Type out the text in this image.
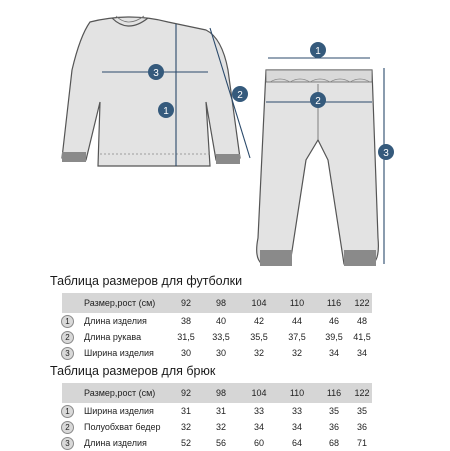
1
2
3
1
2
3
Таблица размеров для футболки
Размер,рост (см)	92	98	104	110	116	122
1	Длина изделия	38	40	42	44	46	48
2	Длина рукава	31,5	33,5	35,5	37,5	39,5	41,5
3	Ширина изделия	30	30	32	32	34	34
Таблица размеров для брюк
Размер,рост (см)	92	98	104	110	116	122
1	Ширина изделия	31	31	33	33	35	35
2	Полуобхват бедер	32	32	34	34	36	36
3	Длина изделия	52	56	60	64	68	71
